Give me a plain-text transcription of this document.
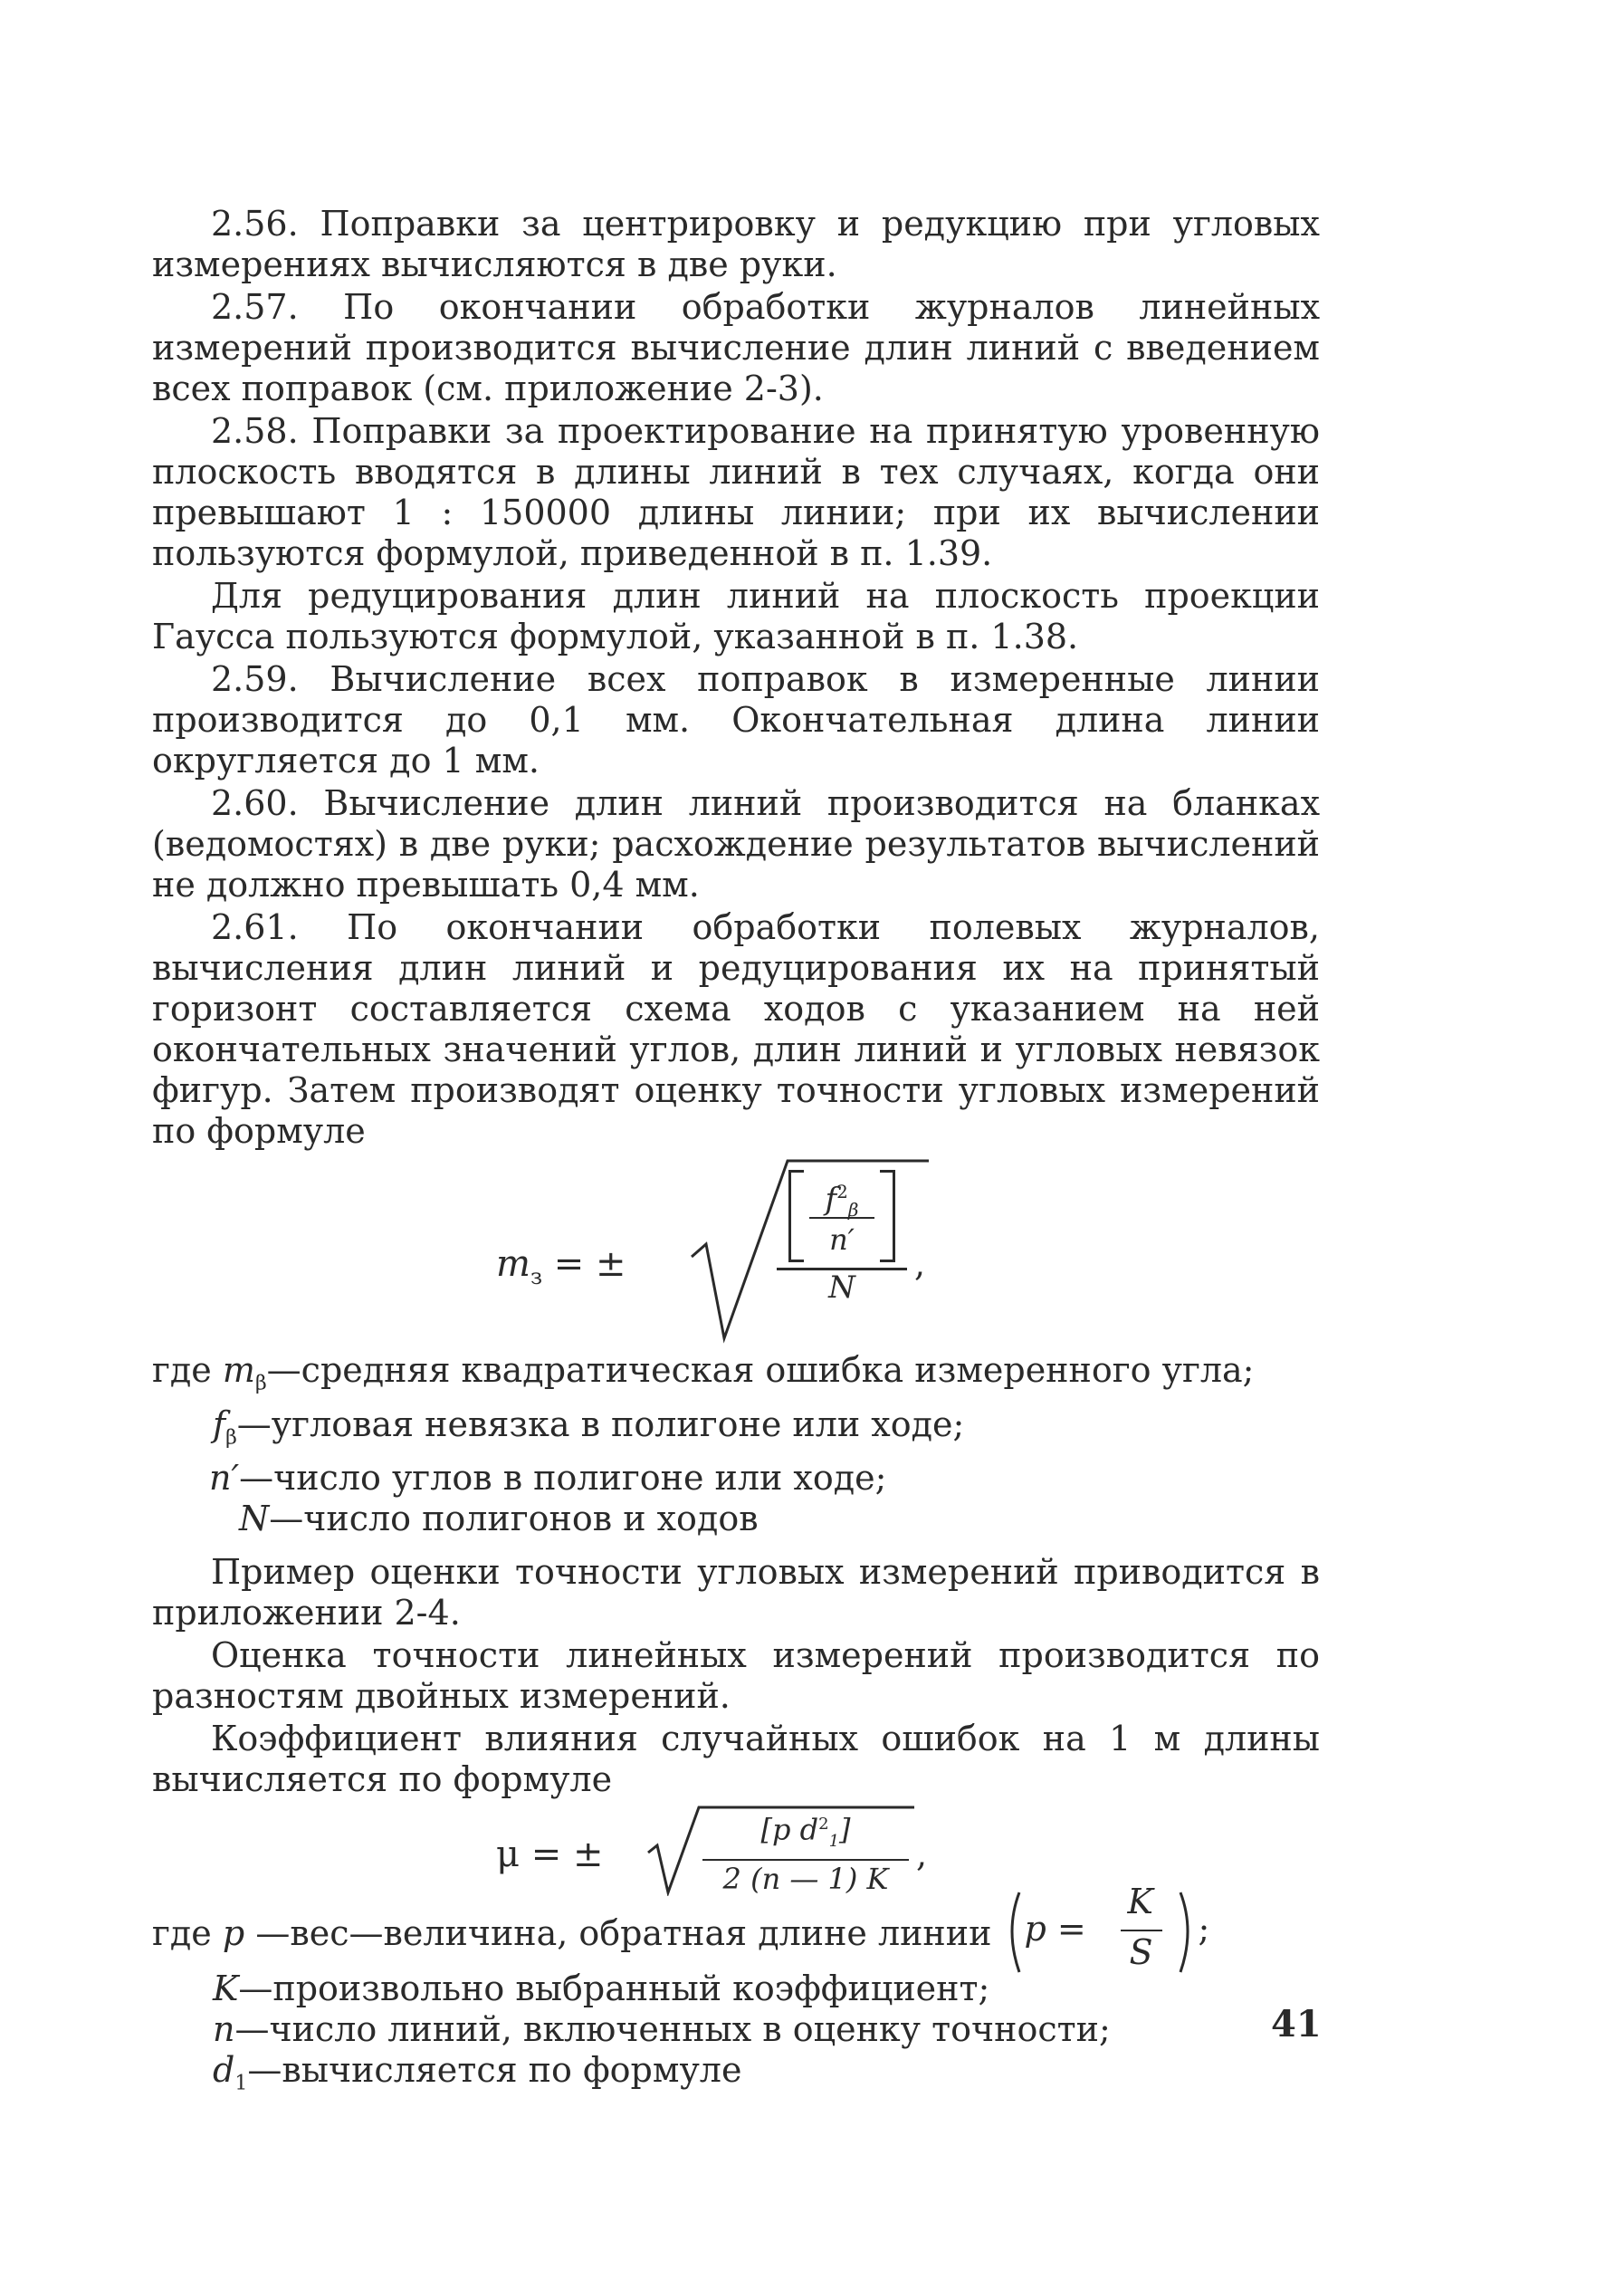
2.56. Поправки за центрировку и редукцию при угловых измерениях вычисляются в две руки.

2.57. По окончании обработки журналов линейных измерений производится вычисление длин линий с введением всех поправок (см. приложение 2-3).

2.58. Поправки за проектирование на принятую уровенную плоскость вводятся в длины линий в тех случаях, когда они превышают 1 : 150000 длины линии; при их вычислении пользуются формулой, приведенной в п. 1.39.

Для редуцирования длин линий на плоскость проекции Гаусса пользуются формулой, указанной в п. 1.38.

2.59. Вычисление всех поправок в измеренные линии производится до 0,1 мм. Окончательная длина линии округляется до 1 мм.

2.60. Вычисление длин линий производится на бланках (ведомостях) в две руки; расхождение результатов вычислений не должно превышать 0,4 мм.

2.61. По окончании обработки полевых журналов, вычисления длин линий и редуцирования их на принятый горизонт составляется схема ходов с указанием на ней окончательных значений углов, длин линий и угловых невязок фигур. Затем производят оценку точности угловых измерений по формуле

$m_з$ = ±
$f^2_\beta$
n′
N
,
где $m_\beta—средняя$ квадратическая ошибка измеренного угла;
$f_\beta—угловая$ невязка в полигоне или ходе;
n′—число углов в полигоне или ходе;
N—число полигонов и ходов

Пример оценки точности угловых измерений приводится в приложении 2-4.

Оценка точности линейных измерений производится по разностям двойных измерений.

Коэффициент влияния случайных ошибок на 1 м длины вычисляется по формуле

μ = ±
[p $d^2_1$]
2 (n — 1) K
,
где p —вес—величина, обратная длине линии p =
K
S
;
K—произвольно выбранный коэффициент;
n—число линий, включенных в оценку точности;
$d_1—вычисляется$ по формуле
41
